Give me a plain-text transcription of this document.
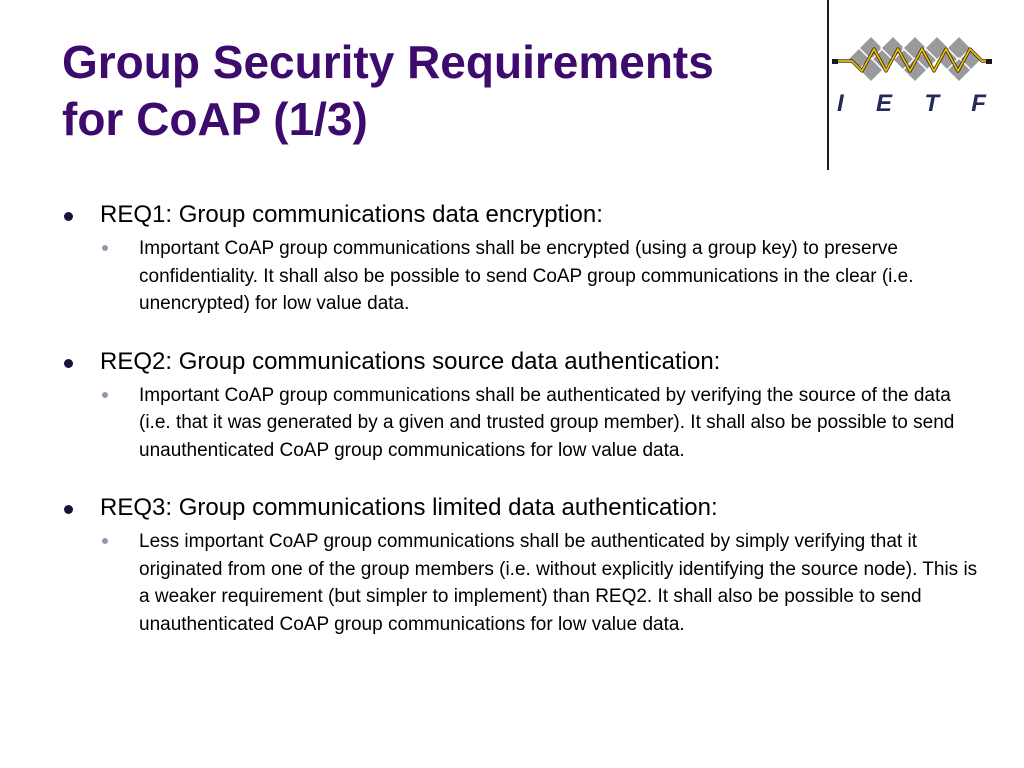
Group Security Requirements
for CoAP (1/3)	I E T F
REQ1: Group communications data encryption:
Important CoAP group communications shall be encrypted (using a group key) to preserve confidentiality. It shall also be possible to send CoAP group communications in the clear (i.e. unencrypted) for low value data.
REQ2: Group communications source data authentication:
Important CoAP group communications shall be authenticated by verifying the source of the data (i.e. that it was generated by a given and trusted group member). It shall also be possible to send unauthenticated CoAP group communications for low value data.
REQ3: Group communications limited data authentication:
Less important CoAP group communications shall be authenticated by simply verifying that it originated from one of the group members (i.e. without explicitly identifying the source node). This is a weaker requirement (but simpler to implement) than REQ2. It shall also be possible to send unauthenticated CoAP group communications for low value data.
